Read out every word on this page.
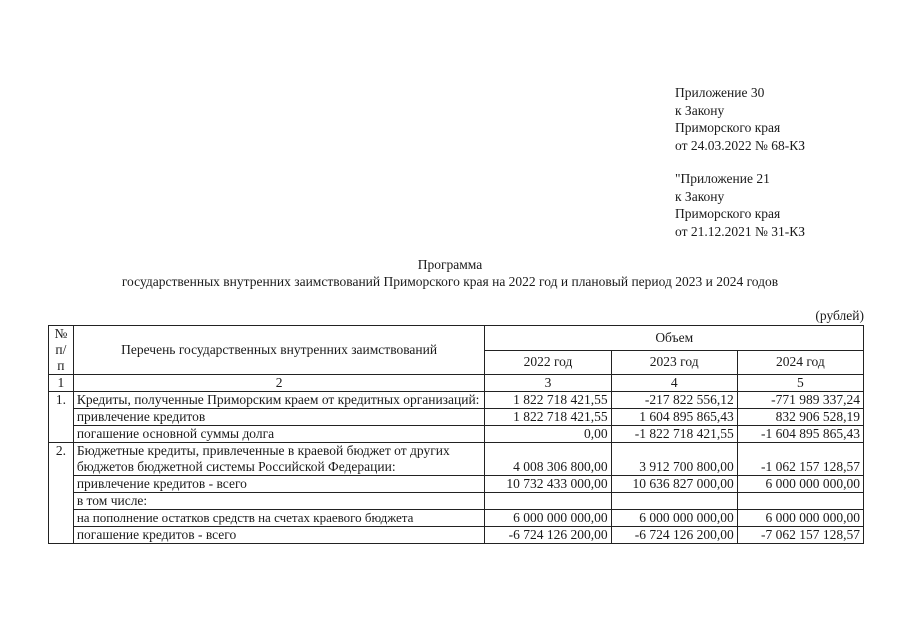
Приложение 30
к Закону
Приморского края
от 24.03.2022 № 68-КЗ
"Приложение 21
к Закону
Приморского края
от 21.12.2021 № 31-КЗ
Программа
государственных внутренних заимствований Приморского края на 2022 год и плановый период 2023 и 2024 годов
(рублей)
№ п/п	Перечень государственных внутренних заимствований	Объем		
		2022 год	2023 год	2024 год
1	2	3	4	5
1.	Кредиты, полученные Приморским краем от кредитных организаций:	1 822 718 421,55	-217 822 556,12	-771 989 337,24
	привлечение кредитов	1 822 718 421,55	1 604 895 865,43	832 906 528,19
	погашение основной суммы долга	0,00	-1 822 718 421,55	-1 604 895 865,43
2.	Бюджетные кредиты, привлеченные в краевой бюджет от других бюджетов бюджетной системы Российской Федерации:	4 008 306 800,00	3 912 700 800,00	-1 062 157 128,57
	привлечение кредитов - всего	10 732 433 000,00	10 636 827 000,00	6 000 000 000,00
	в том числе:			
	на пополнение остатков средств на счетах краевого бюджета	6 000 000 000,00	6 000 000 000,00	6 000 000 000,00
	погашение кредитов - всего	-6 724 126 200,00	-6 724 126 200,00	-7 062 157 128,57
